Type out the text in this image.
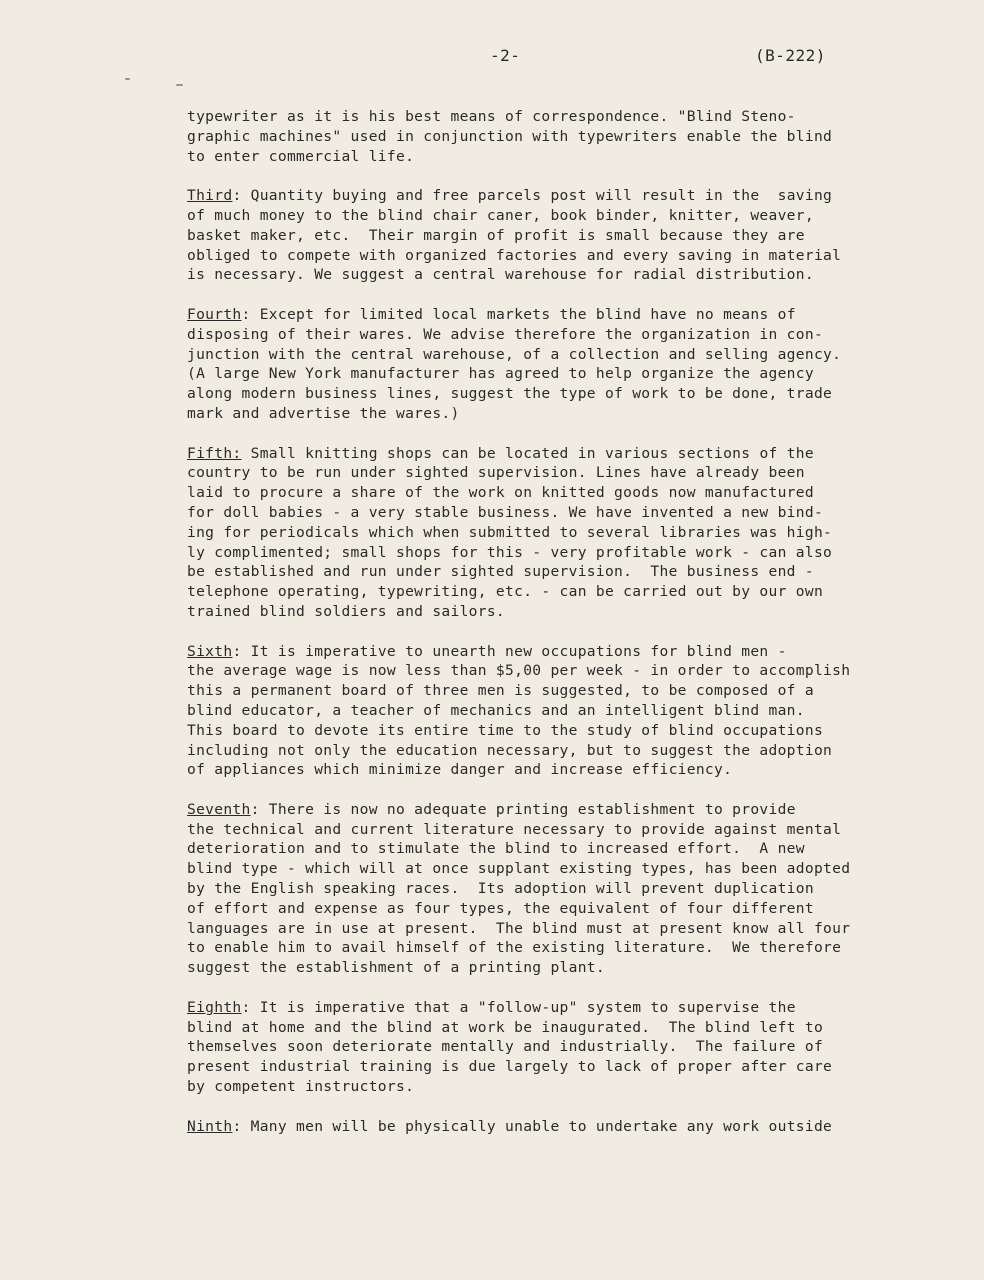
-2-	(B-222)
typewriter as it is his best means of correspondence. "Blind Steno-
graphic machines" used in conjunction with typewriters enable the blind
to enter commercial life.
Third: Quantity buying and free parcels post will result in the  saving
of much money to the blind chair caner, book binder, knitter, weaver,
basket maker, etc.  Their margin of profit is small because they are
obliged to compete with organized factories and every saving in material
is necessary. We suggest a central warehouse for radial distribution.
Fourth: Except for limited local markets the blind have no means of
disposing of their wares. We advise therefore the organization in con-
junction with the central warehouse, of a collection and selling agency.
(A large New York manufacturer has agreed to help organize the agency
along modern business lines, suggest the type of work to be done, trade
mark and advertise the wares.)
Fifth: Small knitting shops can be located in various sections of the
country to be run under sighted supervision. Lines have already been
laid to procure a share of the work on knitted goods now manufactured
for doll babies - a very stable business. We have invented a new bind-
ing for periodicals which when submitted to several libraries was high-
ly complimented; small shops for this - very profitable work - can also
be established and run under sighted supervision.  The business end -
telephone operating, typewriting, etc. - can be carried out by our own
trained blind soldiers and sailors.
Sixth: It is imperative to unearth new occupations for blind men -
the average wage is now less than $5,00 per week - in order to accomplish
this a permanent board of three men is suggested, to be composed of a
blind educator, a teacher of mechanics and an intelligent blind man.
This board to devote its entire time to the study of blind occupations
including not only the education necessary, but to suggest the adoption
of appliances which minimize danger and increase efficiency.
Seventh: There is now no adequate printing establishment to provide
the technical and current literature necessary to provide against mental
deterioration and to stimulate the blind to increased effort.  A new
blind type - which will at once supplant existing types, has been adopted
by the English speaking races.  Its adoption will prevent duplication
of effort and expense as four types, the equivalent of four different
languages are in use at present.  The blind must at present know all four
to enable him to avail himself of the existing literature.  We therefore
suggest the establishment of a printing plant.
Eighth: It is imperative that a "follow-up" system to supervise the
blind at home and the blind at work be inaugurated.  The blind left to
themselves soon deteriorate mentally and industrially.  The failure of
present industrial training is due largely to lack of proper after care
by competent instructors.
Ninth: Many men will be physically unable to undertake any work outside
